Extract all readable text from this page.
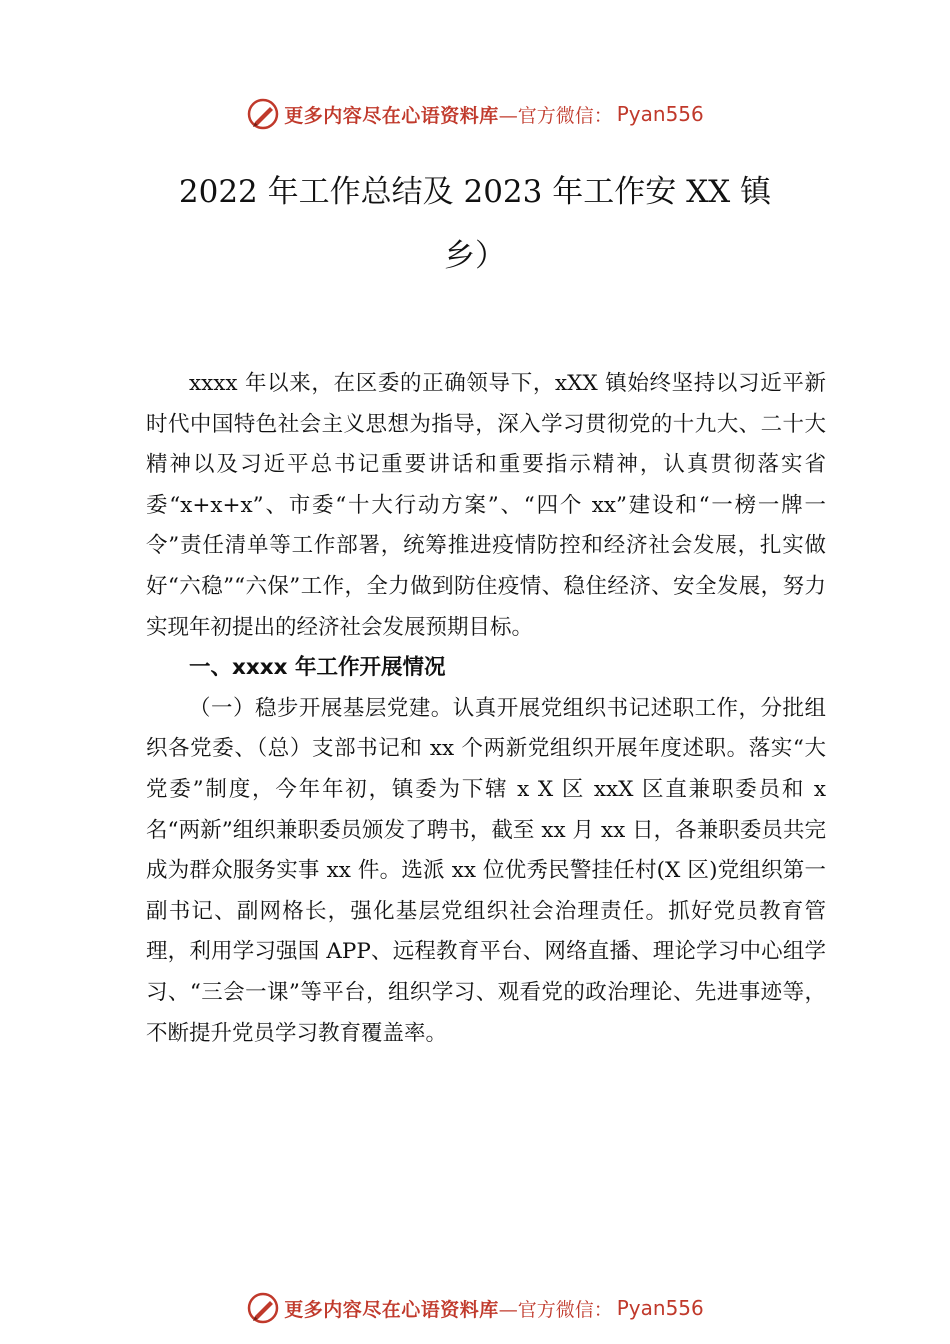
更多内容尽在心语资料库 —官方微信： Pyan556
2022 年工作总结及 2023 年工作安 XX 镇
乡）

xxxx 年以来，在区委的正确领导下，xXX 镇始终坚持以习近平新时代中国特色社会主义思想为指导，深入学习贯彻党的十九大、二十大精神以及习近平总书记重要讲话和重要指示精神，认真贯彻落实省委“x+x+x”、市委“十大行动方案”、“四个 xx”建设和“一榜一牌一令”责任清单等工作部署，统筹推进疫情防控和经济社会发展，扎实做好“六稳”“六保”工作，全力做到防住疫情、稳住经济、安全发展，努力实现年初提出的经济社会发展预期目标。

一、xxxx 年工作开展情况

（一）稳步开展基层党建。认真开展党组织书记述职工作，分批组织各党委、（总）支部书记和 xx 个两新党组织开展年度述职。落实“大党委”制度，今年年初，镇委为下辖 x X 区 xxX 区直兼职委员和 x 名“两新”组织兼职委员颁发了聘书，截至 xx 月 xx 日，各兼职委员共完成为群众服务实事 xx 件。选派 xx 位优秀民警挂任村(X 区)党组织第一副书记、副网格长，强化基层党组织社会治理责任。抓好党员教育管理，利用学习强国 APP、远程教育平台、网络直播、理论学习中心组学习、“三会一课”等平台，组织学习、观看党的政治理论、先进事迹等，不断提升党员学习教育覆盖率。

更多内容尽在心语资料库 —官方微信： Pyan556
